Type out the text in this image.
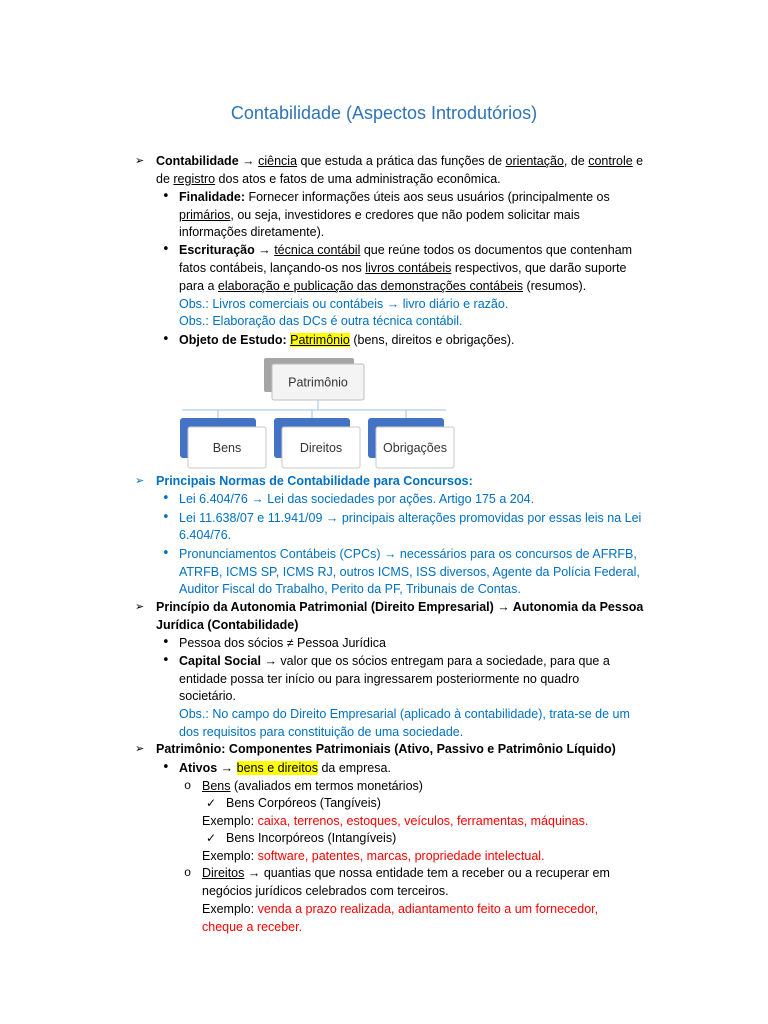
Contabilidade (Aspectos Introdutórios)
➢ Contabilidade → ciência que estuda a prática das funções de orientação, de controle e
de registro dos atos e fatos de uma administração econômica.
• Finalidade: Fornecer informações úteis aos seus usuários (principalmente os
primários, ou seja, investidores e credores que não podem solicitar mais
informações diretamente).
• Escrituração → técnica contábil que reúne todos os documentos que contenham
fatos contábeis, lançando-os nos livros contábeis respectivos, que darão suporte
para a elaboração e publicação das demonstrações contábeis (resumos).
Obs.: Livros comerciais ou contábeis → livro diário e razão.
Obs.: Elaboração das DCs é outra técnica contábil.
• Objeto de Estudo: Patrimônio (bens, direitos e obrigações).
Patrimônio
Bens	Direitos	Obrigações
➢ Principais Normas de Contabilidade para Concursos:
• Lei 6.404/76 → Lei das sociedades por ações. Artigo 175 a 204.
• Lei 11.638/07 e 11.941/09 → principais alterações promovidas por essas leis na Lei
6.404/76.
• Pronunciamentos Contábeis (CPCs) → necessários para os concursos de AFRFB,
ATRFB, ICMS SP, ICMS RJ, outros ICMS, ISS diversos, Agente da Polícia Federal,
Auditor Fiscal do Trabalho, Perito da PF, Tribunais de Contas.
➢ Princípio da Autonomia Patrimonial (Direito Empresarial) → Autonomia da Pessoa
Jurídica (Contabilidade)
• Pessoa dos sócios ≠ Pessoa Jurídica
• Capital Social → valor que os sócios entregam para a sociedade, para que a
entidade possa ter início ou para ingressarem posteriormente no quadro
societário.
Obs.: No campo do Direito Empresarial (aplicado à contabilidade), trata-se de um
dos requisitos para constituição de uma sociedade.
➢ Patrimônio: Componentes Patrimoniais (Ativo, Passivo e Patrimônio Líquido)
• Ativos → bens e direitos da empresa.
o Bens (avaliados em termos monetários)
✓ Bens Corpóreos (Tangíveis)
Exemplo: caixa, terrenos, estoques, veículos, ferramentas, máquinas.
✓ Bens Incorpóreos (Intangíveis)
Exemplo: software, patentes, marcas, propriedade intelectual.
o Direitos → quantias que nossa entidade tem a receber ou a recuperar em
negócios jurídicos celebrados com terceiros.
Exemplo: venda a prazo realizada, adiantamento feito a um fornecedor,
cheque a receber.
